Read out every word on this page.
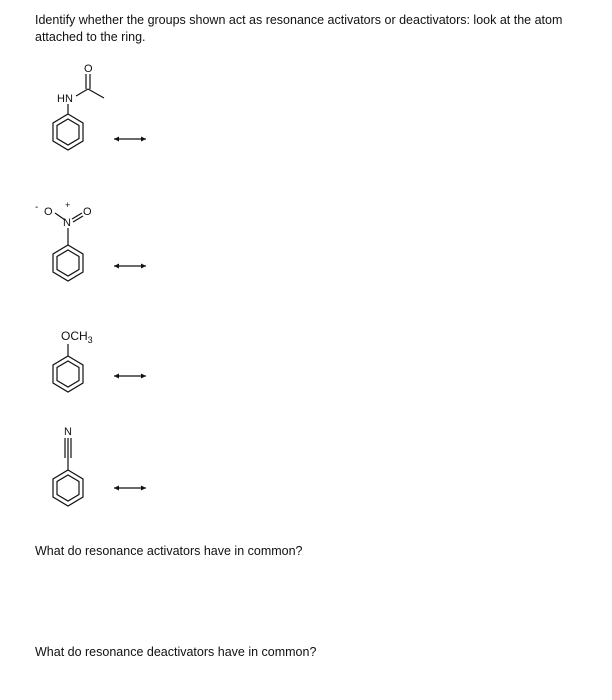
Identify whether the groups shown act as resonance activators or deactivators: look at the atom attached to the ring.
HN
O
- O
+
N
O
$OCH_3$
N
What do resonance activators have in common?
What do resonance deactivators have in common?
